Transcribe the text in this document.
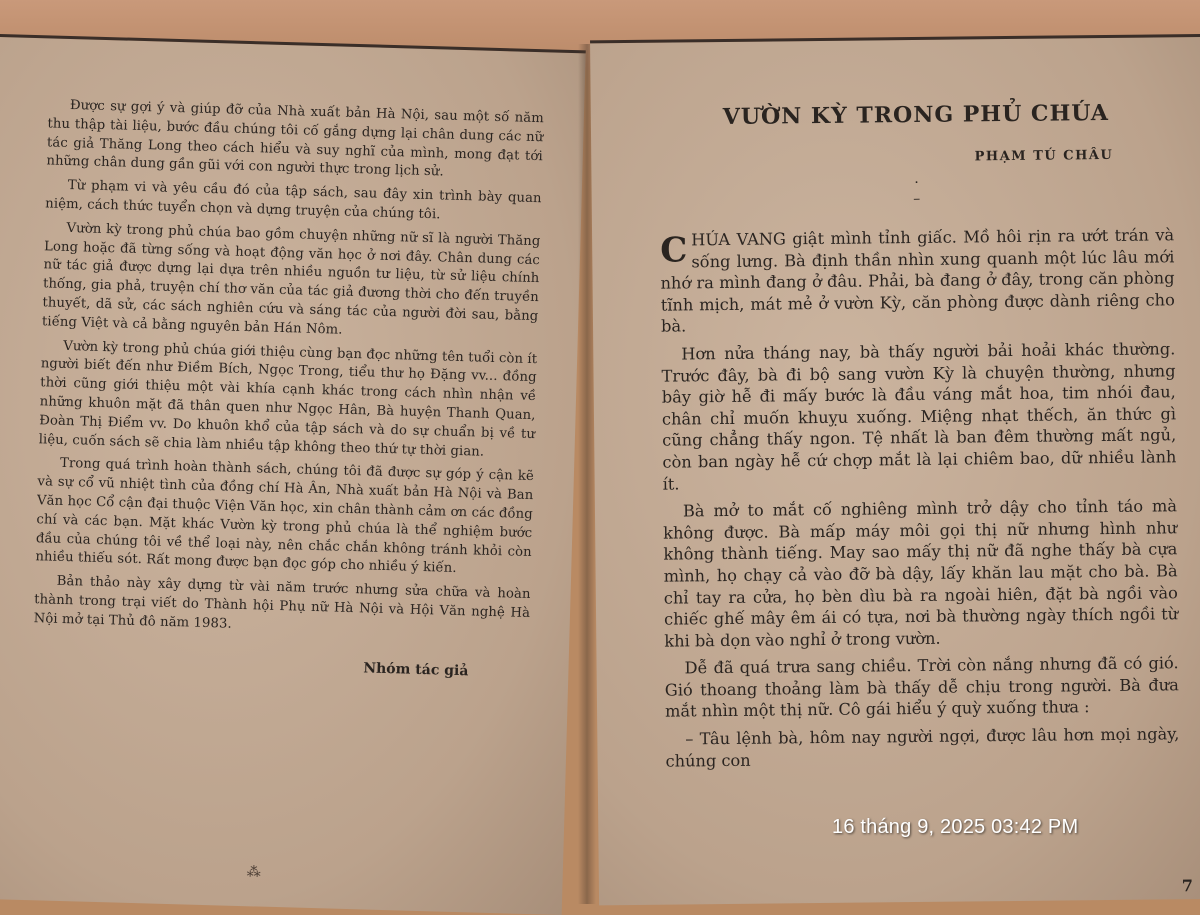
Được sự gợi ý và giúp đỡ của Nhà xuất bản Hà Nội, sau một số năm thu thập tài liệu, bước đầu chúng tôi cố gắng dựng lại chân dung các nữ tác giả Thăng Long theo cách hiểu và suy nghĩ của mình, mong đạt tới những chân dung gần gũi với con người thực trong lịch sử.

Từ phạm vi và yêu cầu đó của tập sách, sau đây xin trình bày quan niệm, cách thức tuyển chọn và dựng truyện của chúng tôi.

Vườn kỳ trong phủ chúa bao gồm chuyện những nữ sĩ là người Thăng Long hoặc đã từng sống và hoạt động văn học ở nơi đây. Chân dung các nữ tác giả được dựng lại dựa trên nhiều nguồn tư liệu, từ sử liệu chính thống, gia phả, truyện chí thơ văn của tác giả đương thời cho đến truyền thuyết, dã sử, các sách nghiên cứu và sáng tác của người đời sau, bằng tiếng Việt và cả bằng nguyên bản Hán Nôm.

Vườn kỳ trong phủ chúa giới thiệu cùng bạn đọc những tên tuổi còn ít người biết đến như Điềm Bích, Ngọc Trong, tiểu thư họ Đặng vv... đồng thời cũng giới thiệu một vài khía cạnh khác trong cách nhìn nhận về những khuôn mặt đã thân quen như Ngọc Hân, Bà huyện Thanh Quan, Đoàn Thị Điểm vv. Do khuôn khổ của tập sách và do sự chuẩn bị về tư liệu, cuốn sách sẽ chia làm nhiều tập không theo thứ tự thời gian.

Trong quá trình hoàn thành sách, chúng tôi đã được sự góp ý cận kẽ và sự cổ vũ nhiệt tình của đồng chí Hà Ân, Nhà xuất bản Hà Nội và Ban Văn học Cổ cận đại thuộc Viện Văn học, xin chân thành cảm ơn các đồng chí và các bạn. Mặt khác Vườn kỳ trong phủ chúa là thể nghiệm bước đầu của chúng tôi về thể loại này, nên chắc chắn không tránh khỏi còn nhiều thiếu sót. Rất mong được bạn đọc góp cho nhiều ý kiến.

Bản thảo này xây dựng từ vài năm trước nhưng sửa chữa và hoàn thành trong trại viết do Thành hội Phụ nữ Hà Nội và Hội Văn nghệ Hà Nội mở tại Thủ đô năm 1983.

Nhóm tác giả
⁂
VƯỜN KỲ TRONG PHỦ CHÚA
PHẠM TÚ CHÂU
·
–

CHÚA VANG giật mình tỉnh giấc. Mồ hôi rịn ra ướt trán và sống lưng. Bà định thần nhìn xung quanh một lúc lâu mới nhớ ra mình đang ở đâu. Phải, bà đang ở đây, trong căn phòng tĩnh mịch, mát mẻ ở vườn Kỳ, căn phòng được dành riêng cho bà.

Hơn nửa tháng nay, bà thấy người bải hoải khác thường. Trước đây, bà đi bộ sang vườn Kỳ là chuyện thường, nhưng bây giờ hễ đi mấy bước là đầu váng mắt hoa, tim nhói đau, chân chỉ muốn khuỵu xuống. Miệng nhạt thếch, ăn thức gì cũng chẳng thấy ngon. Tệ nhất là ban đêm thường mất ngủ, còn ban ngày hễ cứ chợp mắt là lại chiêm bao, dữ nhiều lành ít.

Bà mở to mắt cố nghiêng mình trở dậy cho tỉnh táo mà không được. Bà mấp máy môi gọi thị nữ nhưng hình như không thành tiếng. May sao mấy thị nữ đã nghe thấy bà cựa mình, họ chạy cả vào đỡ bà dậy, lấy khăn lau mặt cho bà. Bà chỉ tay ra cửa, họ bèn dìu bà ra ngoài hiên, đặt bà ngồi vào chiếc ghế mây êm ái có tựa, nơi bà thường ngày thích ngồi từ khi bà dọn vào nghỉ ở trong vườn.

Dễ đã quá trưa sang chiều. Trời còn nắng nhưng đã có gió. Gió thoang thoảng làm bà thấy dễ chịu trong người. Bà đưa mắt nhìn một thị nữ. Cô gái hiểu ý quỳ xuống thưa :

– Tâu lệnh bà, hôm nay người ngợi, được lâu hơn mọi ngày, chúng con

7
16 tháng 9, 2025 03:42 PM
